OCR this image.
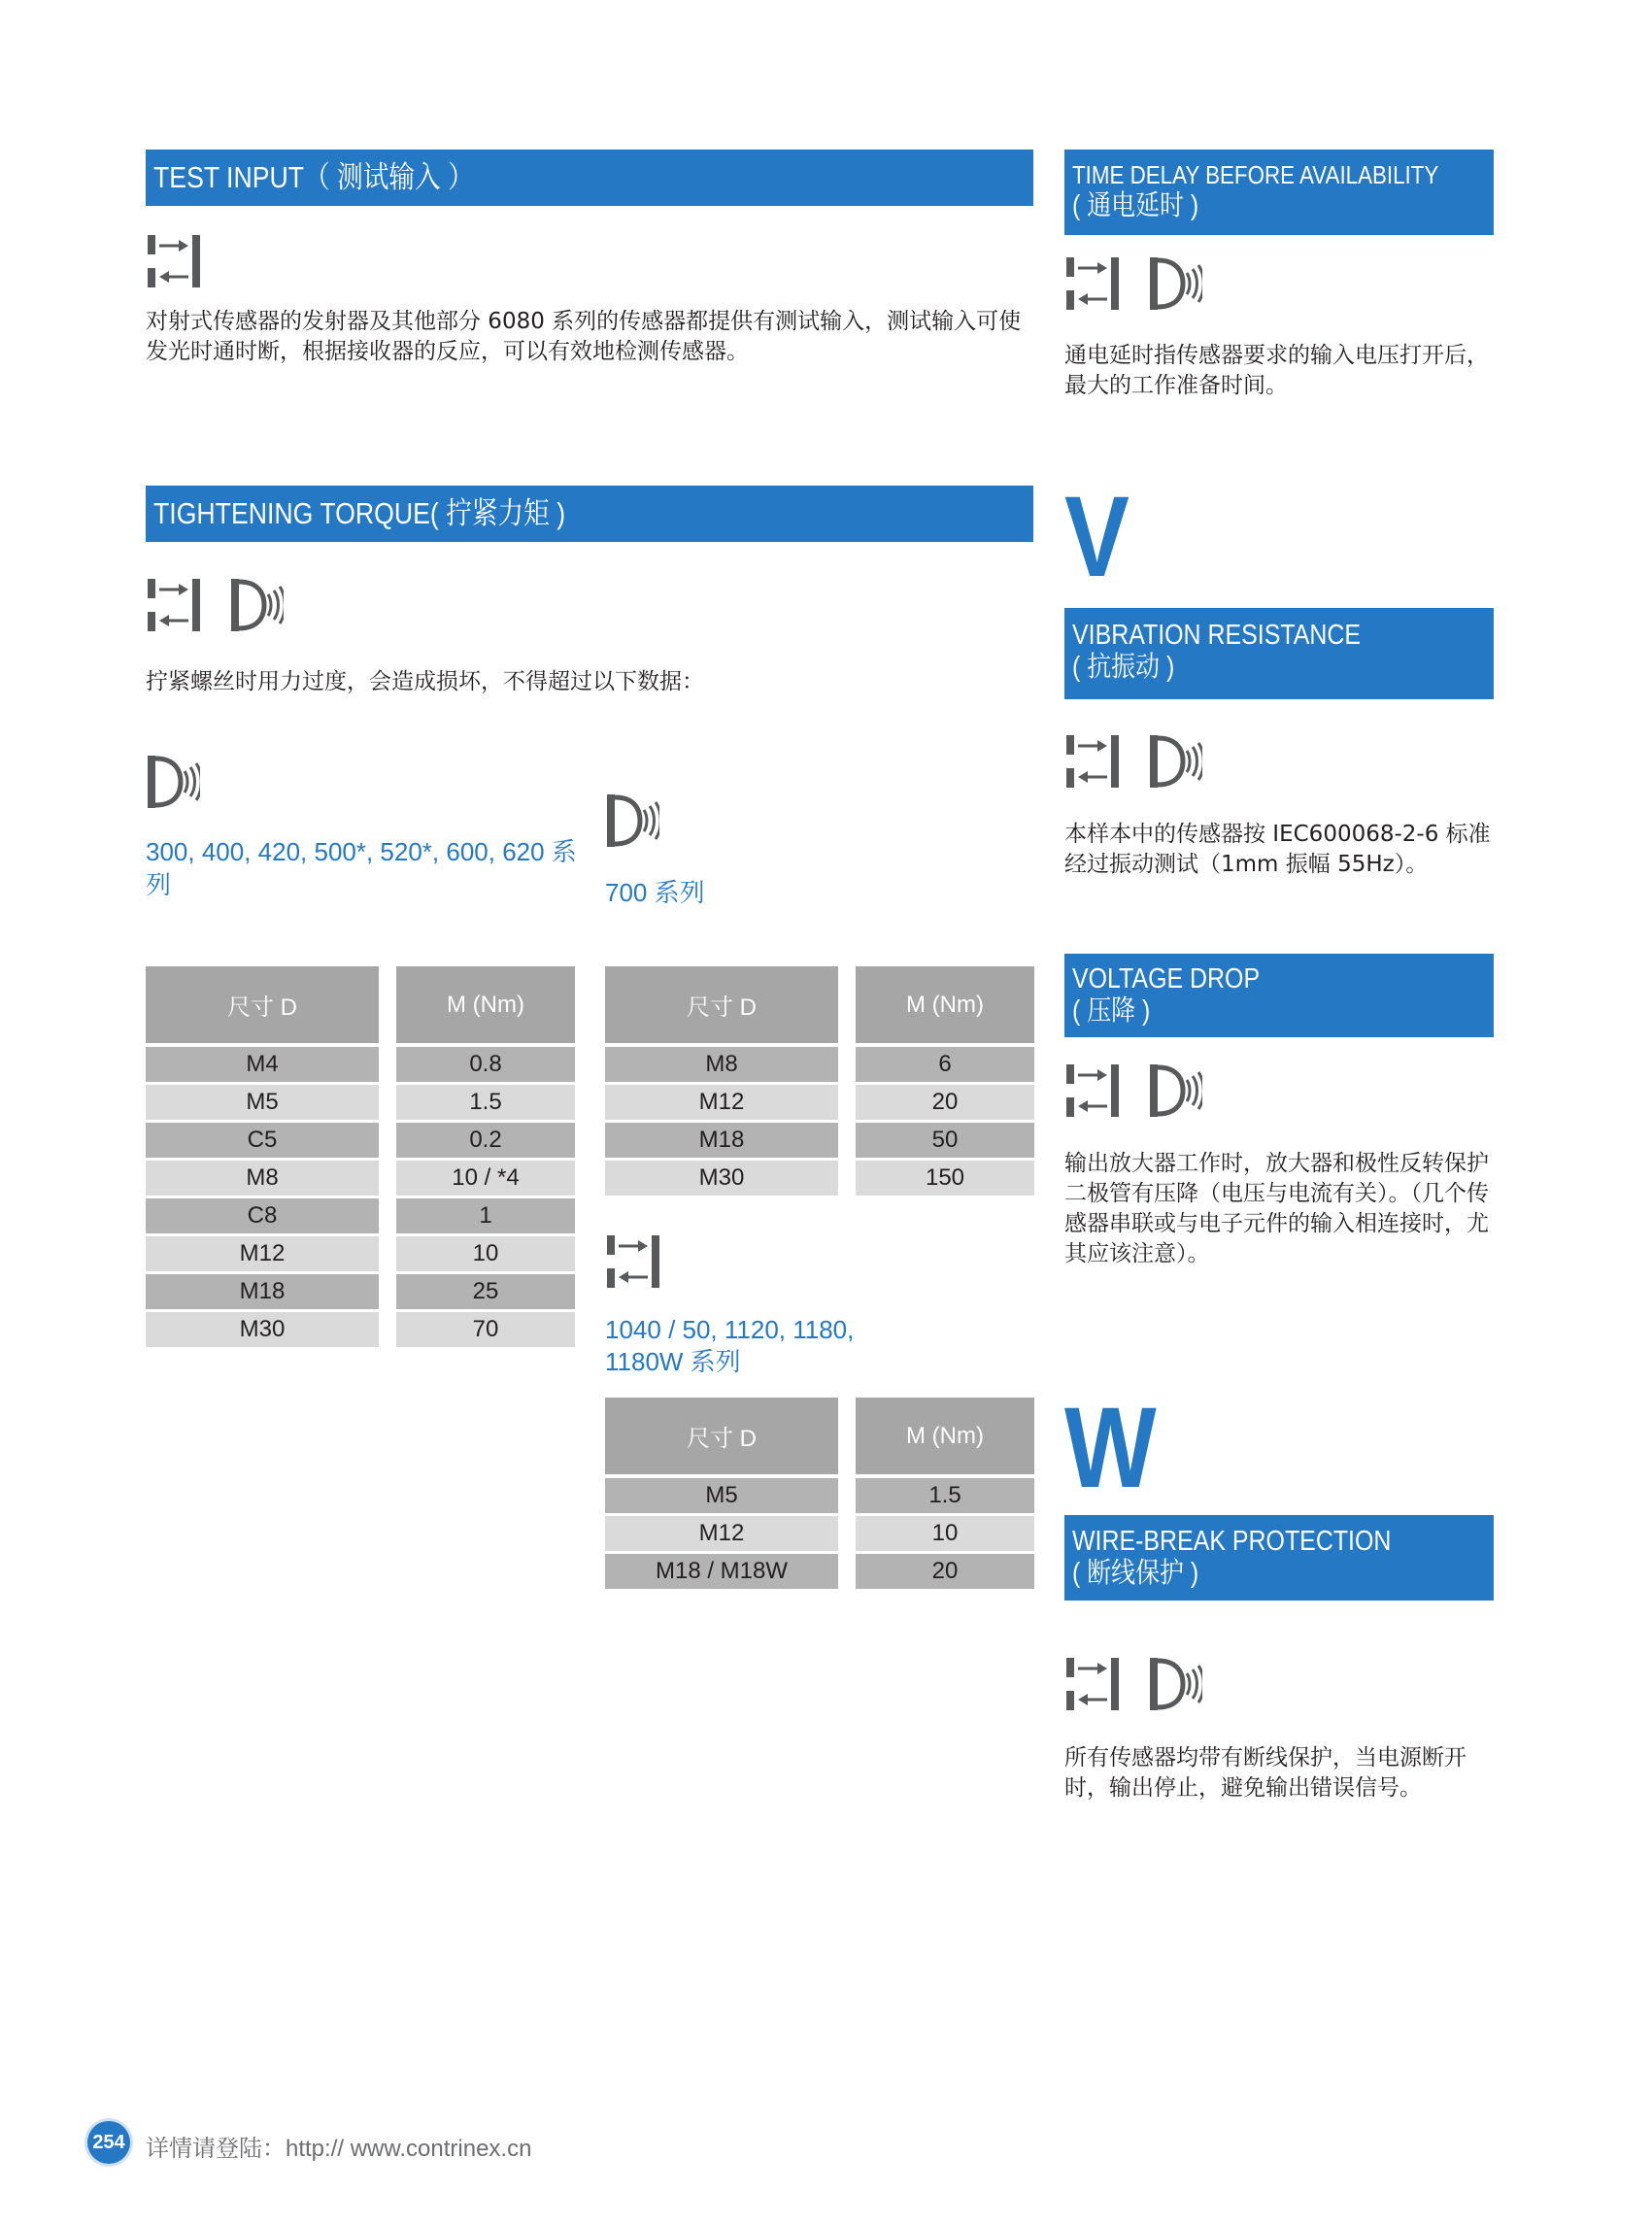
TEST INPUT（ 测试输入 ）
对射式传感器的发射器及其他部分 6080 系列的传感器都提供有测试输入，测试输入可使发光时通时断，根据接收器的反应，可以有效地检测传感器。
TIGHTENING TORQUE( 拧紧力矩 )
拧紧螺丝时用力过度，会造成损坏，不得超过以下数据：
300, 400, 420, 500*, 520*, 600, 620 系列
尺寸 D		M (Nm)
M4		0.8
M5		1.5
C5		0.2
M8		10 / *4
C8		1
M12		10
M18		25
M30		70
700 系列
尺寸 D		M (Nm)
M8		6
M12		20
M18		50
M30		150
1040 / 50, 1120, 1180,
1180W 系列
尺寸 D		M (Nm)
M5		1.5
M12		10
M18 / M18W		20
TIME DELAY BEFORE AVAILABILITY
( 通电延时 )
通电延时指传感器要求的输入电压打开后，最大的工作准备时间。
V
VIBRATION RESISTANCE
( 抗振动 )
本样本中的传感器按 IEC600068-2-6 标准经过振动测试（1mm 振幅 55Hz）。
VOLTAGE DROP
( 压降 )
输出放大器工作时，放大器和极性反转保护二极管有压降（电压与电流有关）。（几个传感器串联或与电子元件的输入相连接时，尤其应该注意）。
W
WIRE-BREAK PROTECTION
( 断线保护 )
所有传感器均带有断线保护，当电源断开时，输出停止，避免输出错误信号。
254 详情请登陆：http:// www.contrinex.cn
